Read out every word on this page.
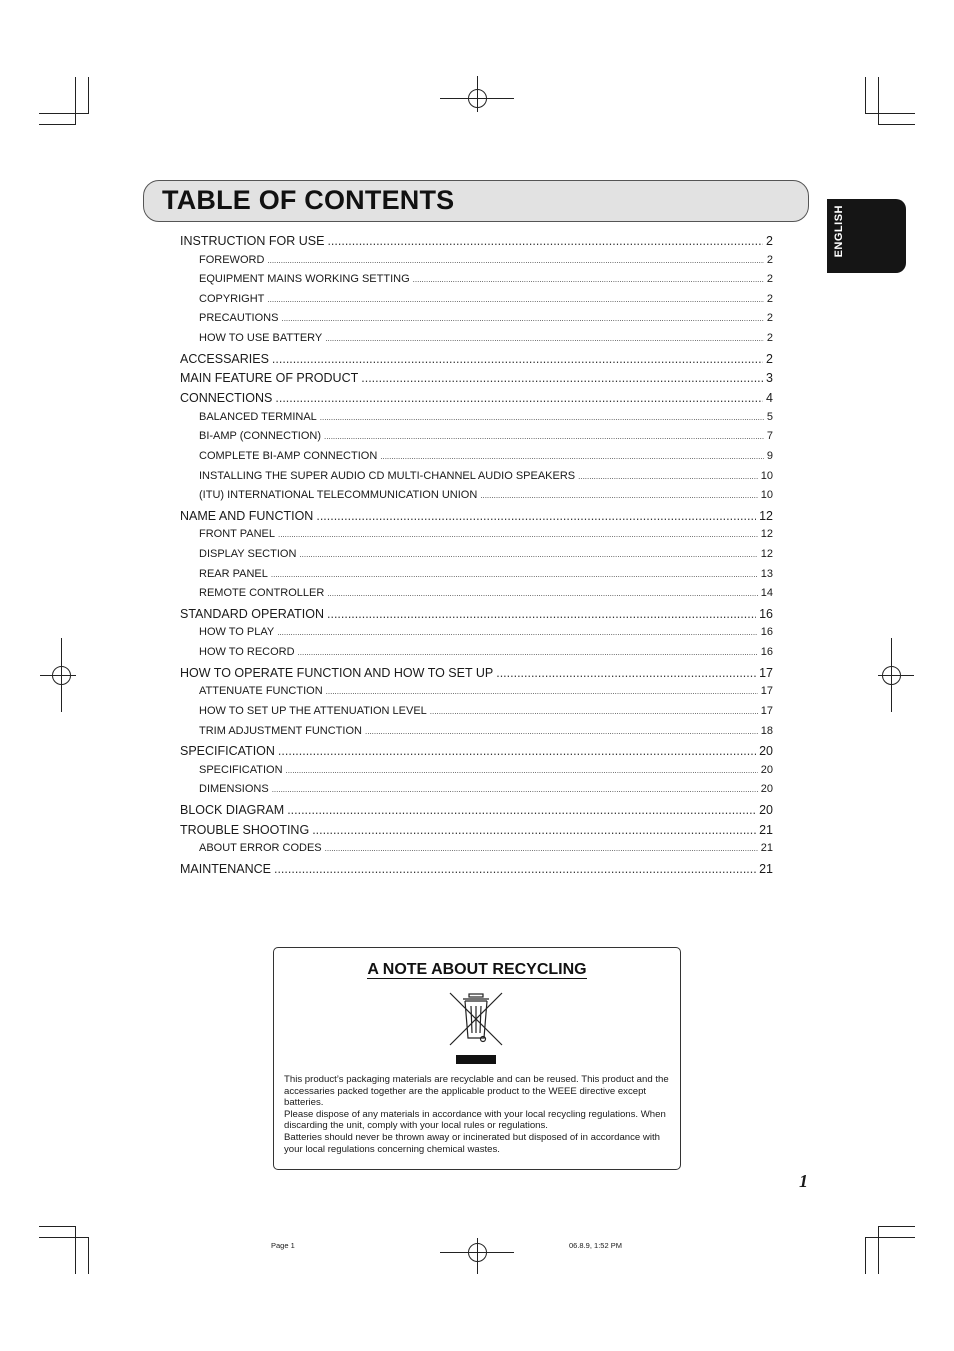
TABLE OF CONTENTS
ENGLISH
INSTRUCTION FOR USE .....	2
FOREWORD .....	2
EQUIPMENT MAINS WORKING SETTING .....	2
COPYRIGHT .....	2
PRECAUTIONS .....	2
HOW TO USE BATTERY .....	2
ACCESSARIES .....	2
MAIN FEATURE OF PRODUCT .....	3
CONNECTIONS .....	4
BALANCED TERMINAL .....	5
BI-AMP (CONNECTION) .....	7
COMPLETE BI-AMP CONNECTION .....	9
INSTALLING THE SUPER AUDIO CD MULTI-CHANNEL AUDIO SPEAKERS .....	10
(ITU) INTERNATIONAL TELECOMMUNICATION UNION .....	10
NAME AND FUNCTION .....	12
FRONT PANEL .....	12
DISPLAY SECTION .....	12
REAR PANEL .....	13
REMOTE CONTROLLER .....	14
STANDARD OPERATION .....	16
HOW TO PLAY .....	16
HOW TO RECORD .....	16
HOW TO OPERATE FUNCTION AND HOW TO SET UP .....	17
ATTENUATE FUNCTION .....	17
HOW TO SET UP THE ATTENUATION LEVEL .....	17
TRIM ADJUSTMENT FUNCTION .....	18
SPECIFICATION .....	20
SPECIFICATION .....	20
DIMENSIONS .....	20
BLOCK DIAGRAM .....	20
TROUBLE SHOOTING .....	21
ABOUT ERROR CODES .....	21
MAINTENANCE .....	21
A NOTE ABOUT RECYCLING

This product’s packaging materials are recyclable and can be reused. This product and the accessaries packed together are the applicable product to the WEEE directive except batteries.

Please dispose of any materials in accordance with your local recycling regulations. When discarding the unit, comply with your local rules or regulations.

Batteries should never be thrown away or incinerated but disposed of in accordance with your local regulations concerning chemical wastes.

1
Page 1	06.8.9, 1:52 PM
